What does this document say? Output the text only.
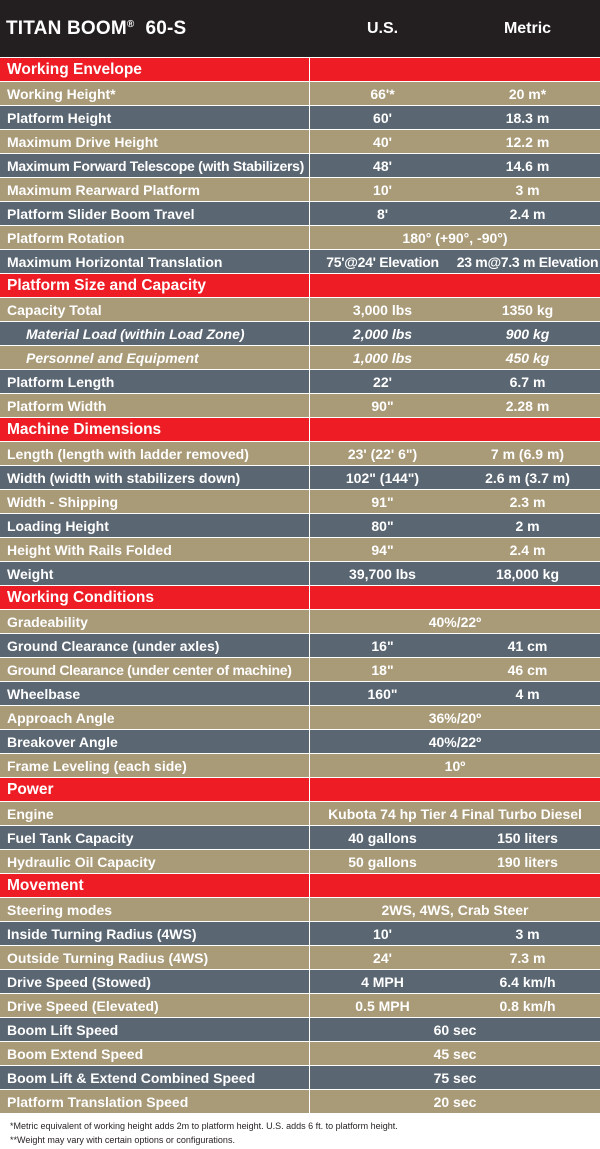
TITAN BOOM® 60-S	U.S.	Metric
Working Envelope
Working Height*	66'*	20 m*
Platform Height	60'	18.3 m
Maximum Drive Height	40'	12.2 m
Maximum Forward Telescope (with Stabilizers)	48'	14.6 m
Maximum Rearward Platform	10'	3 m
Platform Slider Boom Travel	8'	2.4 m
Platform Rotation	180° (+90°, -90°)
Maximum Horizontal Translation	75'@24' Elevation	23 m@7.3 m Elevation
Platform Size and Capacity
Capacity Total	3,000 lbs	1350 kg
Material Load (within Load Zone)	2,000 lbs	900 kg
Personnel and Equipment	1,000 lbs	450 kg
Platform Length	22'	6.7 m
Platform Width	90"	2.28 m
Machine Dimensions
Length (length with ladder removed)	23' (22' 6")	7 m (6.9 m)
Width (width with stabilizers down)	102" (144")	2.6 m (3.7 m)
Width - Shipping	91"	2.3 m
Loading Height	80"	2 m
Height With Rails Folded	94"	2.4 m
Weight	39,700 lbs	18,000 kg
Working Conditions
Gradeability	40%/22º
Ground Clearance (under axles)	16"	41 cm
Ground Clearance (under center of machine)	18"	46 cm
Wheelbase	160"	4 m
Approach Angle	36%/20º
Breakover Angle	40%/22º
Frame Leveling (each side)	10º
Power
Engine	Kubota 74 hp Tier 4 Final Turbo Diesel
Fuel Tank Capacity	40 gallons	150 liters
Hydraulic Oil Capacity	50 gallons	190 liters
Movement
Steering modes	2WS, 4WS, Crab Steer
Inside Turning Radius (4WS)	10'	3 m
Outside Turning Radius (4WS)	24'	7.3 m
Drive Speed (Stowed)	4 MPH	6.4 km/h
Drive Speed (Elevated)	0.5 MPH	0.8 km/h
Boom Lift Speed	60 sec
Boom Extend Speed	45 sec
Boom Lift & Extend Combined Speed	75 sec
Platform Translation Speed	20 sec
*Metric equivalent of working height adds 2m to platform height. U.S. adds 6 ft. to platform height.
**Weight may vary with certain options or configurations.
